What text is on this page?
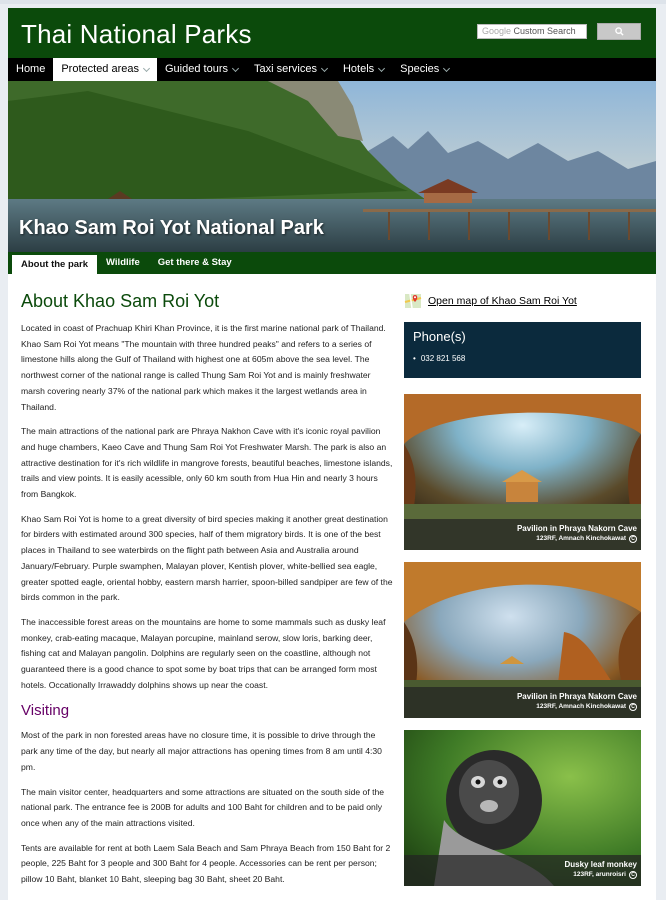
Thai National Parks	Google Custom Search
Home Protected areas Guided tours Taxi services Hotels Species
Khao Sam Roi Yot National Park
About the park	Wildlife	Get there & Stay
About Khao Sam Roi Yot

Located in coast of Prachuap Khiri Khan Province, it is the first marine national park of Thailand. Khao Sam Roi Yot means "The mountain with three hundred peaks" and refers to a series of limestone hills along the Gulf of Thailand with highest one at 605m above the sea level. The northwest corner of the national range is called Thung Sam Roi Yot and is mainly freshwater marsh covering nearly 37% of the national park which makes it the largest wetlands area in Thailand.

The main attractions of the national park are Phraya Nakhon Cave with it's iconic royal pavilion and huge chambers, Kaeo Cave and Thung Sam Roi Yot Freshwater Marsh. The park is also an attractive destination for it's rich wildlife in mangrove forests, beautiful beaches, limestone islands, trails and view points. It is easily acessible, only 60 km south from Hua Hin and nearly 3 hours from Bangkok.

Khao Sam Roi Yot is home to a great diversity of bird species making it another great destination for birders with estimated around 300 species, half of them migratory birds. It is one of the best places in Thailand to see waterbirds on the flight path between Asia and Australia around January/February. Purple swamphen, Malayan plover, Kentish plover, white-bellied sea eagle, greater spotted eagle, oriental hobby, eastern marsh harrier, spoon-billed sandpiper are few of the birds common in the park.

The inaccessible forest areas on the mountains are home to some mammals such as dusky leaf monkey, crab-eating macaque, Malayan porcupine, mainland serow, slow loris, barking deer, fishing cat and Malayan pangolin. Dolphins are regularly seen on the coastline, although not guaranteed there is a good chance to spot some by boat trips that can be arranged form most hotels. Occationally Irrawaddy dolphins shows up near the coast.

Visiting

Most of the park in non forested areas have no closure time, it is possible to drive through the park any time of the day, but nearly all major attractions has opening times from 8 am until 4:30 pm.

The main visitor center, headquarters and some attractions are situated on the south side of the national park. The entrance fee is 200B for adults and 100 Baht for children and to be paid only once when any of the main attractions visited.

Tents are available for rent at both Laem Sala Beach and Sam Phraya Beach from 150 Baht for 2 people, 225 Baht for 3 people and 300 Baht for 4 people. Accessories can be rent per person; pillow 10 Baht, blanket 10 Baht, sleeping bag 30 Baht, sheet 20 Baht.

Open map of Khao Sam Roi Yot
Phone(s)
• 032 821 568
Pavilion in Phraya Nakorn Cave
123RF, Amnach Kinchokawat C
Pavilion in Phraya Nakorn Cave
123RF, Amnach Kinchokawat C
Dusky leaf monkey
123RF, arunroisri C
